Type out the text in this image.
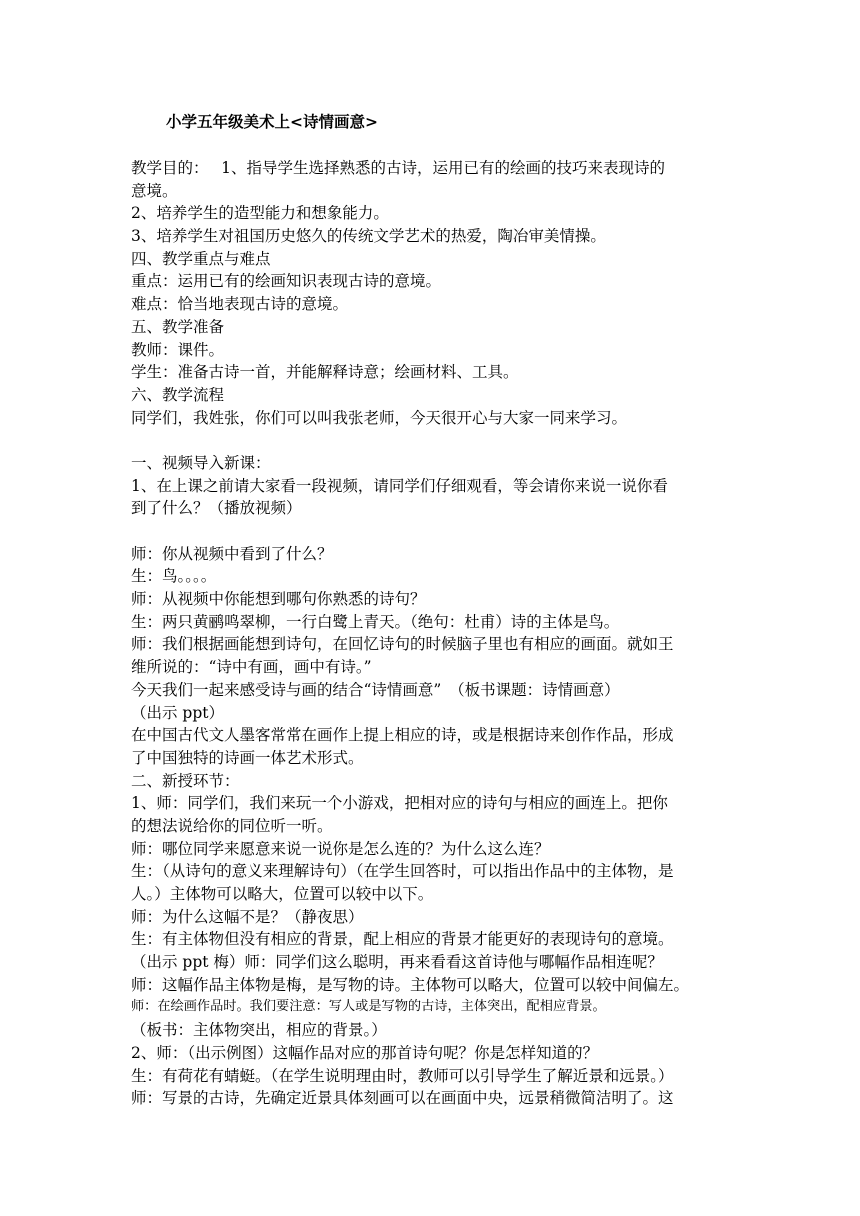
小学五年级美术上<诗情画意>
教学目的：　 1、指导学生选择熟悉的古诗，运用已有的绘画的技巧来表现诗的
意境。
2、培养学生的造型能力和想象能力。
3、培养学生对祖国历史悠久的传统文学艺术的热爱，陶冶审美情操。
四、教学重点与难点
重点：运用已有的绘画知识表现古诗的意境。
难点：恰当地表现古诗的意境。
五、教学准备
教师：课件。
学生：准备古诗一首，并能解释诗意；绘画材料、工具。
六、教学流程
同学们，我姓张，你们可以叫我张老师，今天很开心与大家一同来学习。
一、视频导入新课：
1、在上课之前请大家看一段视频，请同学们仔细观看，等会请你来说一说你看
到了什么？（播放视频）
师：你从视频中看到了什么？
生：鸟。。。。
师：从视频中你能想到哪句你熟悉的诗句？
生：两只黄鹂鸣翠柳，一行白鹭上青天。（绝句：杜甫）诗的主体是鸟。
师：我们根据画能想到诗句，在回忆诗句的时候脑子里也有相应的画面。就如王
维所说的：“诗中有画，画中有诗。”
今天我们一起来感受诗与画的结合“诗情画意”　（板书课题：诗情画意）
（出示 ppt）
在中国古代文人墨客常常在画作上提上相应的诗，或是根据诗来创作作品，形成
了中国独特的诗画一体艺术形式。
二、新授环节：
1、师：同学们，我们来玩一个小游戏，把相对应的诗句与相应的画连上。把你
的想法说给你的同位听一听。
师：哪位同学来愿意来说一说你是怎么连的？为什么这么连？
生：（从诗句的意义来理解诗句）（在学生回答时，可以指出作品中的主体物，是
人。）主体物可以略大，位置可以较中以下。
师：为什么这幅不是？（静夜思）
生：有主体物但没有相应的背景，配上相应的背景才能更好的表现诗句的意境。
（出示 ppt 梅）师：同学们这么聪明，再来看看这首诗他与哪幅作品相连呢？
师：这幅作品主体物是梅，是写物的诗。主体物可以略大，位置可以较中间偏左。
师：在绘画作品时。我们要注意：写人或是写物的古诗，主体突出，配相应背景。
（板书：主体物突出，相应的背景。）
2、师：（出示例图）这幅作品对应的那首诗句呢？你是怎样知道的？
生：有荷花有蜻蜓。（在学生说明理由时，教师可以引导学生了解近景和远景。）
师：写景的古诗，先确定近景具体刻画可以在画面中央，远景稍微简洁明了。这
